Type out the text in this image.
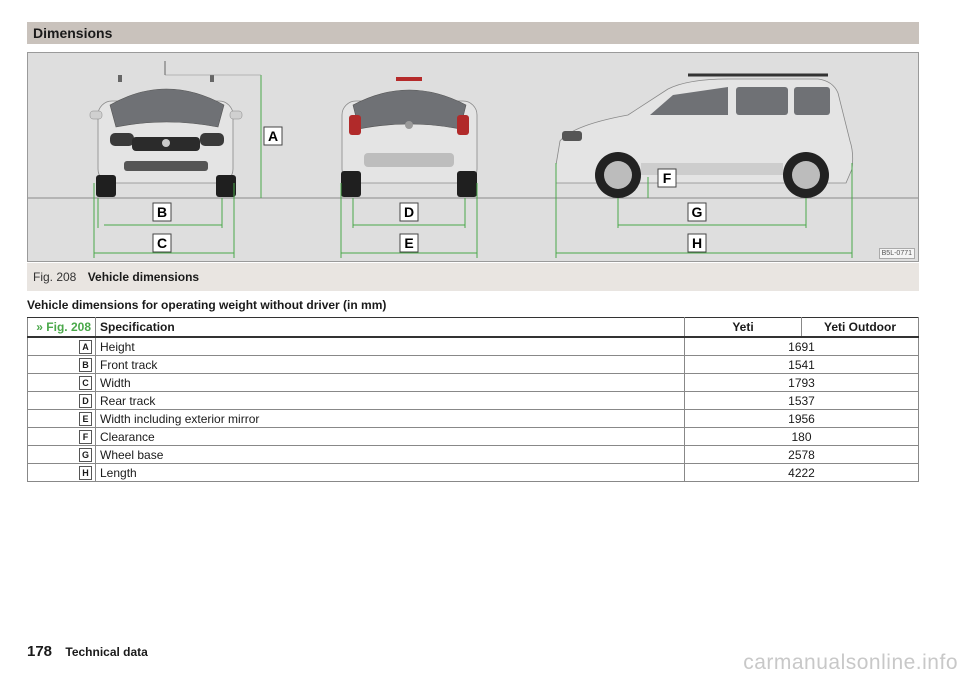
Dimensions
A
B
C
D
E
F
G
H
B5L-0771
Fig. 208 Vehicle dimensions
Vehicle dimensions for operating weight without driver (in mm)
» Fig. 208	Specification	Yeti	Yeti Outdoor
A	Height	1691	
B	Front track	1541	
C	Width	1793	
D	Rear track	1537	
E	Width including exterior mirror	1956	
F	Clearance	180	
G	Wheel base	2578	
H	Length	4222	
178 Technical data	carmanualsonline.info
